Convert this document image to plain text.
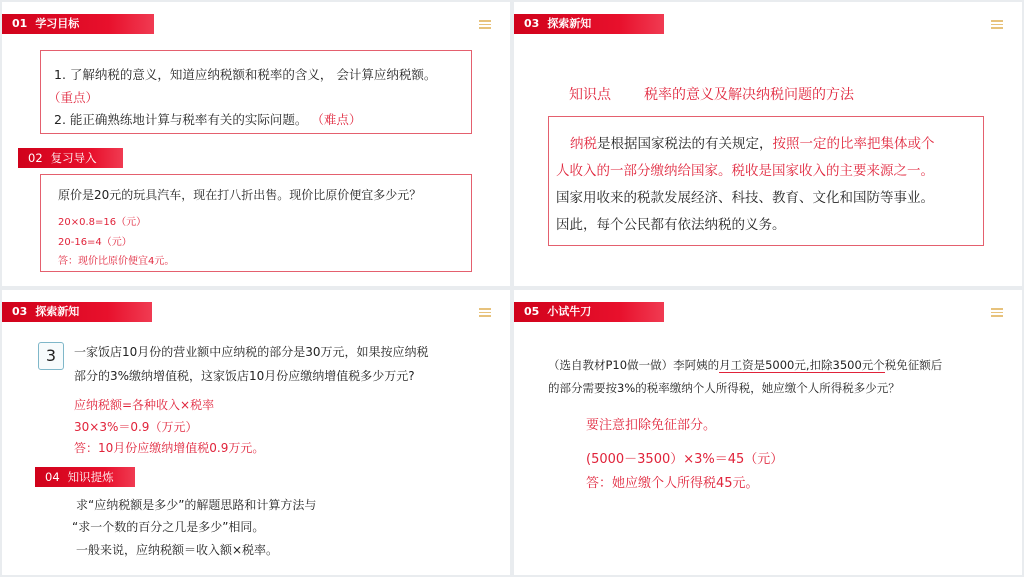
01 学习目标
1. 了解纳税的意义，知道应纳税额和税率的含义， 会计算应纳税额。
（重点）
2. 能正确熟练地计算与税率有关的实际问题。 （难点）
02 复习导入
原价是20元的玩具汽车，现在打八折出售。现价比原价便宜多少元？
20×0.8=16（元）
20-16=4（元）
答：现价比原价便宜4元。
03 探索新知
知识点 税率的意义及解决纳税问题的方法
纳税是根据国家税法的有关规定，按照一定的比率把集体或个
人收入的一部分缴纳给国家。税收是国家收入的主要来源之一。
国家用收来的税款发展经济、科技、教育、文化和国防等事业。
因此，每个公民都有依法纳税的义务。
03 探索新知
3	一家饭店10月份的营业额中应纳税的部分是30万元，如果按应纳税
部分的3%缴纳增值税，这家饭店10月份应缴纳增值税多少万元?
应纳税额=各种收入×税率
30×3%＝0.9（万元）
答：10月份应缴纳增值税0.9万元。
04 知识提炼
求“应纳税额是多少”的解题思路和计算方法与
“求一个数的百分之几是多少”相同。
一般来说，应纳税额＝收入额×税率。
05 小试牛刀
（选自教材P10做一做）李阿姨的月工资是5000元,扣除3500元个税免征额后
的部分需要按3%的税率缴纳个人所得税，她应缴个人所得税多少元？
要注意扣除免征部分。
(5000－3500）×3%＝45（元）
答：她应缴个人所得税45元。
